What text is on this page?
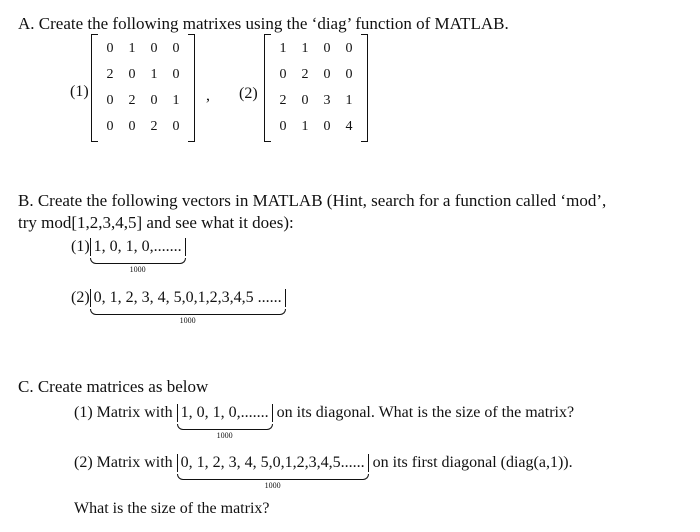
A. Create the following matrixes using the ‘diag’ function of MATLAB.
(1)
0	1	0	0
2	0	1	0
0	2	0	1
0	0	2	0
, (2)
1	1	0	0
0	2	0	0
2	0	3	1
0	1	0	4
B. Create the following vectors in MATLAB (Hint, search for a function called ‘mod’,
try mod[1,2,3,4,5] and see what it does):
(1) 1, 0, 1, 0,.......
1000
(2) 0, 1, 2, 3, 4, 5,0,1,2,3,4,5 ......
1000
C. Create matrices as below
(1) Matrix with 1, 0, 1, 0,.......
1000
on its diagonal. What is the size of the matrix?
(2) Matrix with 0, 1, 2, 3, 4, 5,0,1,2,3,4,5......
1000
on its first diagonal (diag(a,1)).
What is the size of the matrix?
